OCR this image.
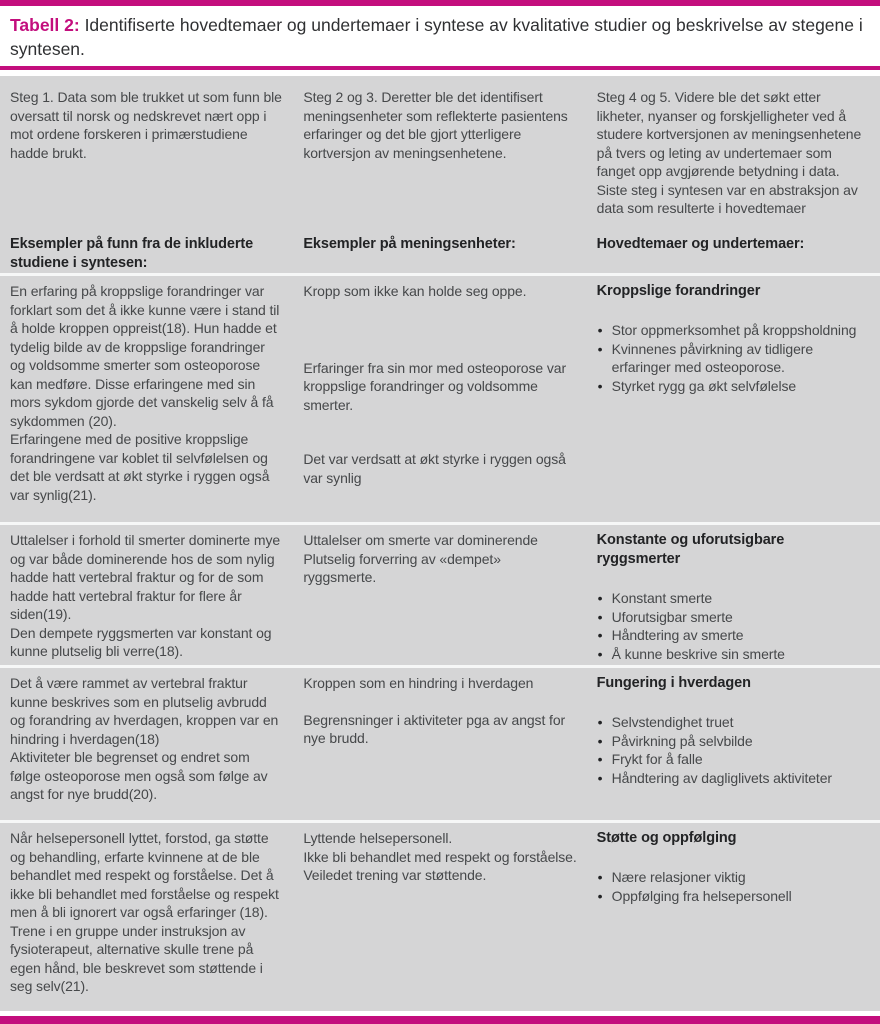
Tabell 2: Identifiserte hovedtemaer og undertemaer i syntese av kvalitative studier og beskrivelse av stegene i syntesen.

Steg 1. Data som ble trukket ut som funn ble oversatt til norsk og nedskrevet nært opp i mot ordene forskeren i primærstudiene hadde brukt.

Eksempler på funn fra de inkluderte studiene i syntesen:

Steg 2 og 3. Deretter ble det identifisert meningsenheter som reflekterte pasientens erfaringer og det ble gjort ytterligere kortversjon av meningsenhetene.

Eksempler på meningsenheter:

Steg 4 og 5. Videre ble det søkt etter likheter, nyanser og forskjelligheter ved å studere kortversjonen av meningsenhetene på tvers og leting av undertemaer som fanget opp avgjørende betydning i data.

Siste steg i syntesen var en abstraksjon av data som resulterte i hovedtemaer

Hovedtemaer og undertemaer:

En erfaring på kroppslige forandringer var forklart som det å ikke kunne være i stand til å holde kroppen oppreist(18). Hun hadde et tydelig bilde av de kroppslige forandringer og voldsomme smerter som osteoporose kan medføre. Disse erfaringene med sin mors sykdom gjorde det vanskelig selv å få sykdommen (20).

Erfaringene med de positive kroppslige forandringene var koblet til selvfølelsen og det ble verdsatt at økt styrke i ryggen også var synlig(21).

Kropp som ikke kan holde seg oppe.

Erfaringer fra sin mor med osteoporose var kroppslige forandringer og voldsomme smerter.

Det var verdsatt at økt styrke i ryggen også var synlig

Kroppslige forandringer
• Stor oppmerksomhet på kroppsholdning
• Kvinnenes påvirkning av tidligere erfaringer med osteoporose.
• Styrket rygg ga økt selvfølelse

Uttalelser i forhold til smerter dominerte mye og var både dominerende hos de som nylig hadde hatt vertebral fraktur og for de som hadde hatt vertebral fraktur for flere år siden(19).

Den dempete ryggsmerten var konstant og kunne plutselig bli verre(18).

Uttalelser om smerte var dominerende

Plutselig forverring av «dempet» ryggsmerte.

Konstante og uforutsigbare ryggsmerter
• Konstant smerte
• Uforutsigbar smerte
• Håndtering av smerte
• Å kunne beskrive sin smerte

Det å være rammet av vertebral fraktur kunne beskrives som en plutselig avbrudd og forandring av hverdagen, kroppen var en hindring i hverdagen(18)

Aktiviteter ble begrenset og endret som følge osteoporose men også som følge av angst for nye brudd(20).

Kroppen som en hindring i hverdagen

Begrensninger i aktiviteter pga av angst for nye brudd.

Fungering i hverdagen
• Selvstendighet truet
• Påvirkning på selvbilde
• Frykt for å falle
• Håndtering av dagliglivets aktiviteter

Når helsepersonell lyttet, forstod, ga støtte og behandling, erfarte kvinnene at de ble behandlet med respekt og forståelse. Det å ikke bli behandlet med forståelse og respekt men å bli ignorert var også erfaringer (18).

Trene i en gruppe under instruksjon av fysioterapeut, alternative skulle trene på egen hånd, ble beskrevet som støttende i seg selv(21).

Lyttende helsepersonell.

Ikke bli behandlet med respekt og forståelse.

Veiledet trening var støttende.

Støtte og oppfølging
• Nære relasjoner viktig
• Oppfølging fra helsepersonell
